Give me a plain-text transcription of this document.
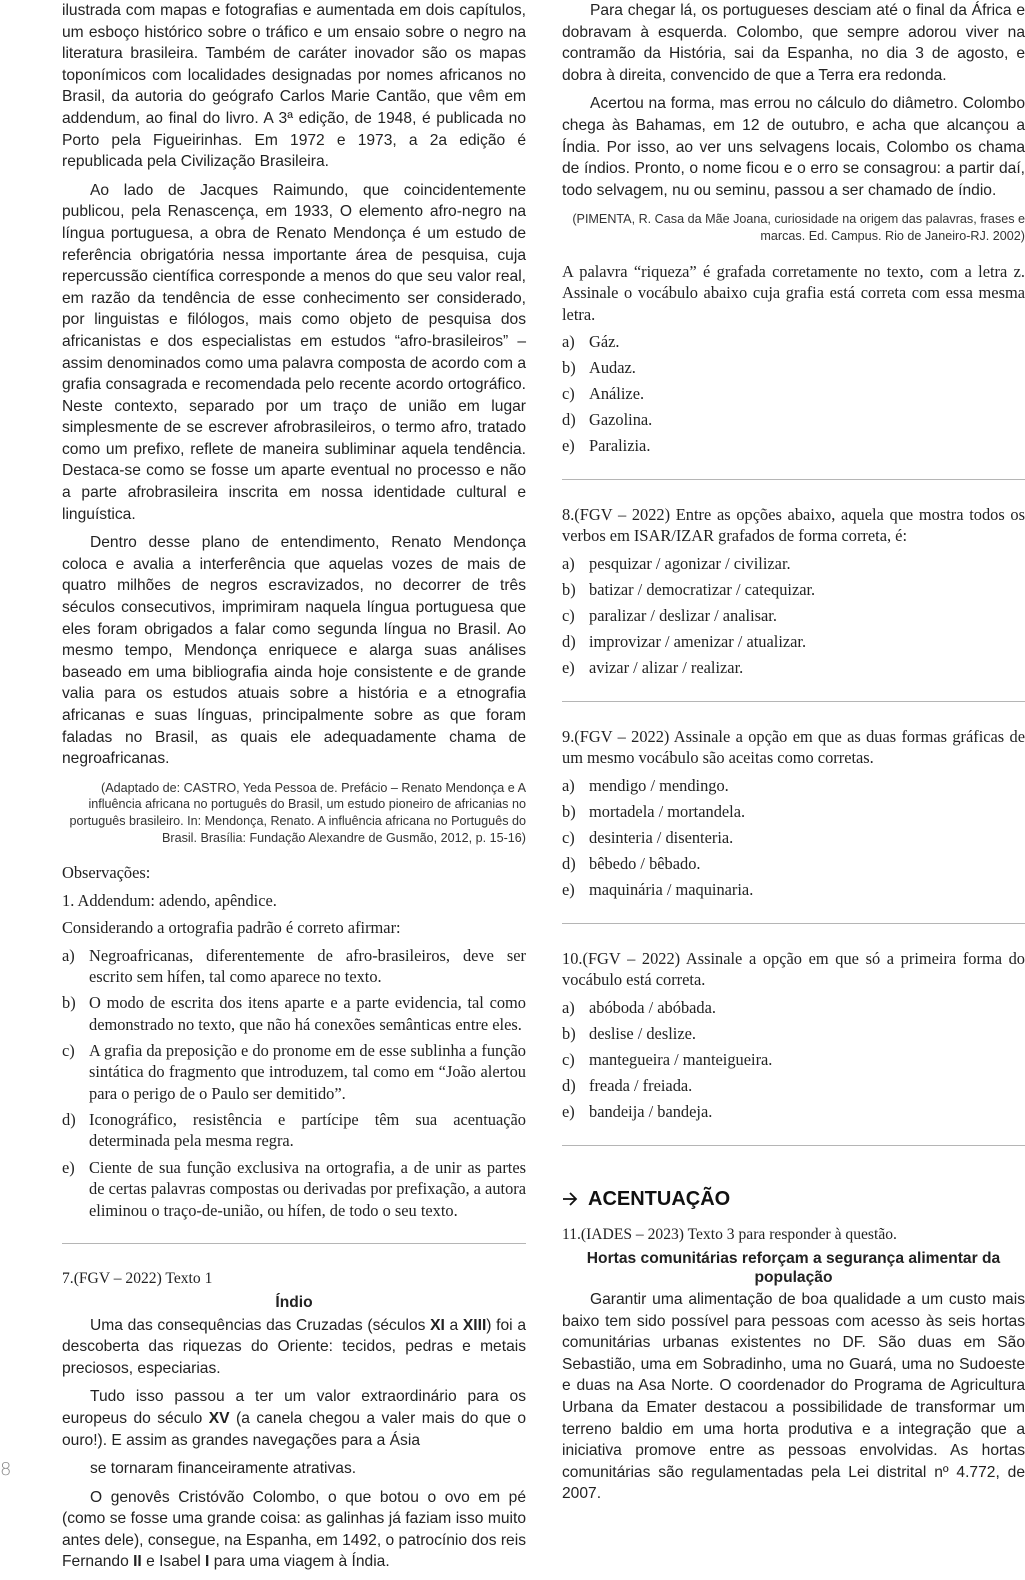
ilustrada com mapas e fotografias e aumentada em dois capítulos, um esboço histórico sobre o tráfico e um ensaio sobre o negro na literatura brasileira. Também de caráter inovador são os mapas toponímicos com localidades designadas por nomes africanos no Brasil, da autoria do geógrafo Carlos Marie Cantão, que vêm em addendum, ao final do livro. A 3ª edição, de 1948, é publicada no Porto pela Figueirinhas. Em 1972 e 1973, a 2a edição é republicada pela Civilização Brasileira.

Ao lado de Jacques Raimundo, que coincidentemente publicou, pela Renascença, em 1933, O elemento afro-negro na língua portuguesa, a obra de Renato Mendonça é um estudo de referência obrigatória nessa importante área de pesquisa, cuja repercussão científica corresponde a menos do que seu valor real, em razão da tendência de esse conhecimento ser considerado, por linguistas e filólogos, mais como objeto de pesquisa dos africanistas e dos especialistas em estudos “afro-brasileiros” – assim denominados como uma palavra composta de acordo com a grafia consagrada e recomendada pelo recente acordo ortográfico. Neste contexto, separado por um traço de união em lugar simplesmente de se escrever afrobrasileiros, o termo afro, tratado como um prefixo, reflete de maneira subliminar aquela tendência. Destaca-se como se fosse um aparte eventual no processo e não a parte afrobrasileira inscrita em nossa identidade cultural e linguística.

Dentro desse plano de entendimento, Renato Mendonça coloca e avalia a interferência que aquelas vozes de mais de quatro milhões de negros escravizados, no decorrer de três séculos consecutivos, imprimiram naquela língua portuguesa que eles foram obrigados a falar como segunda língua no Brasil. Ao mesmo tempo, Mendonça enriquece e alarga suas análises baseado em uma bibliografia ainda hoje consistente e de grande valia para os estudos atuais sobre a história e a etnografia africanas e suas línguas, principalmente sobre as que foram faladas no Brasil, as quais ele adequadamente chama de negroafricanas.

(Adaptado de: CASTRO, Yeda Pessoa de. Prefácio – Renato Mendonça e A influência africana no português do Brasil, um estudo pioneiro de africanias no português brasileiro. In: Mendonça, Renato. A influência africana no Português do Brasil. Brasília: Fundação Alexandre de Gusmão, 2012, p. 15-16)

Observações:

1. Addendum: adendo, apêndice.

Considerando a ortografia padrão é correto afirmar:

a) Negroafricanas, diferentemente de afro-brasileiros, deve ser escrito sem hífen, tal como aparece no texto.
b) O modo de escrita dos itens aparte e a parte evidencia, tal como demonstrado no texto, que não há conexões semânticas entre eles.
c) A grafia da preposição e do pronome em de esse sublinha a função sintática do fragmento que introduzem, tal como em “João alertou para o perigo de o Paulo ser demitido”.
d) Iconográfico, resistência e partícipe têm sua acentuação determinada pela mesma regra.
e) Ciente de sua função exclusiva na ortografia, a de unir as partes de certas palavras compostas ou derivadas por prefixação, a autora eliminou o traço-de-união, ou hífen, de todo o seu texto.

7.(FGV – 2022) Texto 1

Índio

Uma das consequências das Cruzadas (séculos XI a XIII) foi a descoberta das riquezas do Oriente: tecidos, pedras e metais preciosos, especiarias.

Tudo isso passou a ter um valor extraordinário para os europeus do século XV (a canela chegou a valer mais do que o ouro!). E assim as grandes navegações para a Ásia

se tornaram financeiramente atrativas.

O genovês Cristóvão Colombo, o que botou o ovo em pé (como se fosse uma grande coisa: as galinhas já faziam isso muito antes dele), consegue, na Espanha, em 1492, o patrocínio dos reis Fernando II e Isabel I para uma viagem à Índia.

8

Para chegar lá, os portugueses desciam até o final da África e dobravam à esquerda. Colombo, que sempre adorou viver na contramão da História, sai da Espanha, no dia 3 de agosto, e dobra à direita, convencido de que a Terra era redonda.

Acertou na forma, mas errou no cálculo do diâmetro. Colombo chega às Bahamas, em 12 de outubro, e acha que alcançou a Índia. Por isso, ao ver uns selvagens locais, Colombo os chama de índios. Pronto, o nome ficou e o erro se consagrou: a partir daí, todo selvagem, nu ou seminu, passou a ser chamado de índio.

(PIMENTA, R. Casa da Mãe Joana, curiosidade na origem das palavras, frases e marcas. Ed. Campus. Rio de Janeiro-RJ. 2002)

A palavra “riqueza” é grafada corretamente no texto, com a letra z. Assinale o vocábulo abaixo cuja grafia está correta com essa mesma letra.

a) Gáz.
b) Audaz.
c) Análize.
d) Gazolina.
e) Paralizia.

8.(FGV – 2022) Entre as opções abaixo, aquela que mostra todos os verbos em ISAR/IZAR grafados de forma correta, é:

a) pesquizar / agonizar / civilizar.
b) batizar / democratizar / catequizar.
c) paralizar / deslizar / analisar.
d) improvizar / amenizar / atualizar.
e) avizar / alizar / realizar.

9.(FGV – 2022) Assinale a opção em que as duas formas gráficas de um mesmo vocábulo são aceitas como corretas.

a) mendigo / mendingo.
b) mortadela / mortandela.
c) desinteria / disenteria.
d) bêbedo / bêbado.
e) maquinária / maquinaria.

10.(FGV – 2022) Assinale a opção em que só a primeira forma do vocábulo está correta.

a) abóboda / abóbada.
b) deslise / deslize.
c) mantegueira / manteigueira.
d) freada / freiada.
e) bandeija / bandeja.
ACENTUAÇÃO

11.(IADES – 2023) Texto 3 para responder à questão.

Hortas comunitárias reforçam a segurança alimentar da população

Garantir uma alimentação de boa qualidade a um custo mais baixo tem sido possível para pessoas com acesso às seis hortas comunitárias urbanas existentes no DF. São duas em São Sebastião, uma em Sobradinho, uma no Guará, uma no Sudoeste e duas na Asa Norte. O coordenador do Programa de Agricultura Urbana da Emater destacou a possibilidade de transformar um terreno baldio em uma horta produtiva e a integração que a iniciativa promove entre as pessoas envolvidas. As hortas comunitárias são regulamentadas pela Lei distrital nº 4.772, de 2007.
